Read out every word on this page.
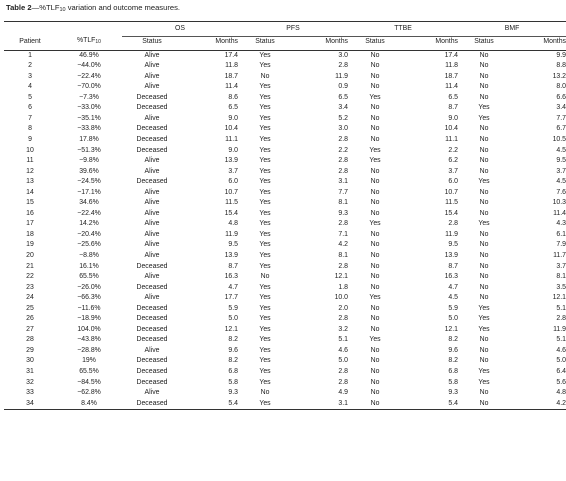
Table $2—\%TLF_{10}$ variation and outcome measures.
		OS		PFS		TTBE		BMF	
Patient	$\%TLF_{10}$	Status	Months	Status	Months	Status	Months	Status	Months
1	46.9%	Alive	17.4	Yes	3.0	No	17.4	No	9.9
2	−44.0%	Alive	11.8	Yes	2.8	No	11.8	No	8.8
3	−22.4%	Alive	18.7	No	11.9	No	18.7	No	13.2
4	−70.0%	Alive	11.4	Yes	0.9	No	11.4	No	8.0
5	−7.3%	Deceased	8.6	Yes	6.5	Yes	6.5	No	6.6
6	−33.0%	Deceased	6.5	Yes	3.4	No	8.7	Yes	3.4
7	−35.1%	Alive	9.0	Yes	5.2	No	9.0	Yes	7.7
8	−33.8%	Deceased	10.4	Yes	3.0	No	10.4	No	6.7
9	17.8%	Deceased	11.1	Yes	2.8	No	11.1	No	10.5
10	−51.3%	Deceased	9.0	Yes	2.2	Yes	2.2	No	4.5
11	−9.8%	Alive	13.9	Yes	2.8	Yes	6.2	No	9.5
12	39.6%	Alive	3.7	Yes	2.8	No	3.7	No	3.7
13	−24.5%	Deceased	6.0	Yes	3.1	No	6.0	Yes	4.5
14	−17.1%	Alive	10.7	Yes	7.7	No	10.7	No	7.6
15	34.6%	Alive	11.5	Yes	8.1	No	11.5	No	10.3
16	−22.4%	Alive	15.4	Yes	9.3	No	15.4	No	11.4
17	14.2%	Alive	4.8	Yes	2.8	Yes	2.8	Yes	4.3
18	−20.4%	Alive	11.9	Yes	7.1	No	11.9	No	6.1
19	−25.6%	Alive	9.5	Yes	4.2	No	9.5	No	7.9
20	−8.8%	Alive	13.9	Yes	8.1	No	13.9	No	11.7
21	16.1%	Deceased	8.7	Yes	2.8	No	8.7	No	3.7
22	65.5%	Alive	16.3	No	12.1	No	16.3	No	8.1
23	−26.0%	Deceased	4.7	Yes	1.8	No	4.7	No	3.5
24	−66.3%	Alive	17.7	Yes	10.0	Yes	4.5	No	12.1
25	−11.6%	Deceased	5.9	Yes	2.0	No	5.9	Yes	5.1
26	−18.9%	Deceased	5.0	Yes	2.8	No	5.0	Yes	2.8
27	104.0%	Deceased	12.1	Yes	3.2	No	12.1	Yes	11.9
28	−43.8%	Deceased	8.2	Yes	5.1	Yes	8.2	No	5.1
29	−28.8%	Alive	9.6	Yes	4.6	No	9.6	No	4.6
30	19%	Deceased	8.2	Yes	5.0	No	8.2	No	5.0
31	65.5%	Deceased	6.8	Yes	2.8	No	6.8	Yes	6.4
32	−84.5%	Deceased	5.8	Yes	2.8	No	5.8	Yes	5.6
33	−62.8%	Alive	9.3	No	4.9	No	9.3	No	4.8
34	8.4%	Deceased	5.4	Yes	3.1	No	5.4	No	4.2
